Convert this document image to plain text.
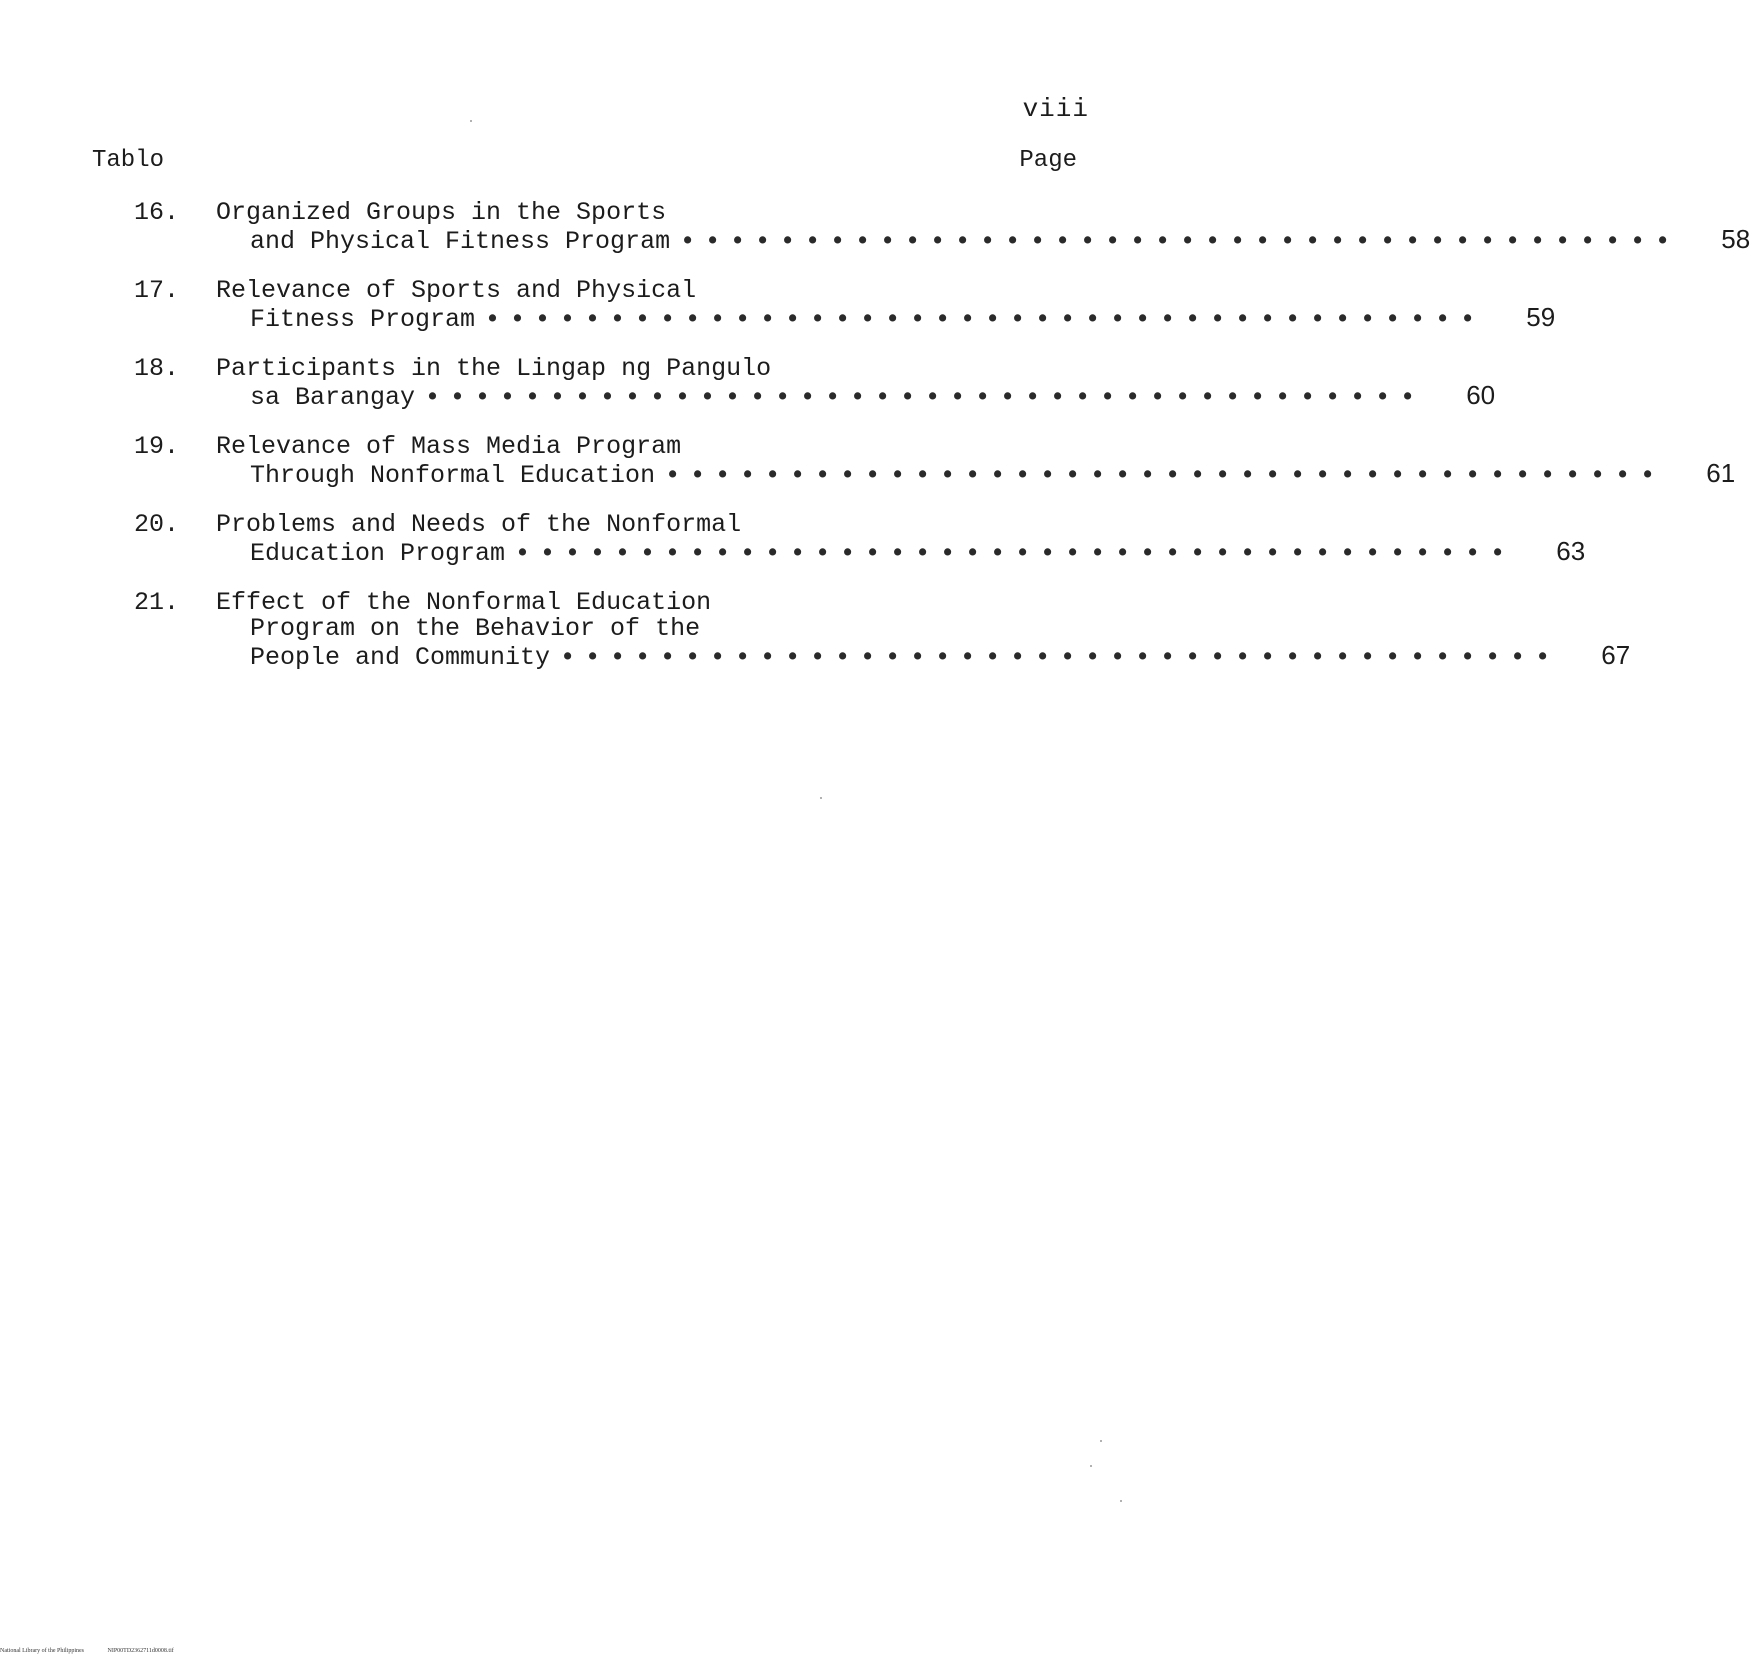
viii
Tablo	Page
16.	Organized Groups in the Sports
and Physical Fitness Program ••••••••••••••••••••••••••••••••••••••••	58
17.	Relevance of Sports and Physical
Fitness Program ••••••••••••••••••••••••••••••••••••••••	59
18.	Participants in the Lingap ng Pangulo
sa Barangay ••••••••••••••••••••••••••••••••••••••••	60
19.	Relevance of Mass Media Program
Through Nonformal Education ••••••••••••••••••••••••••••••••••••••••	61
20.	Problems and Needs of the Nonformal
Education Program ••••••••••••••••••••••••••••••••••••••••	63
21.	Effect of the Nonformal Education
Program on the Behavior of the
People and Community ••••••••••••••••••••••••••••••••••••••••	67
National Library of the Philippines	NIP00TD2362711d0008.tif
